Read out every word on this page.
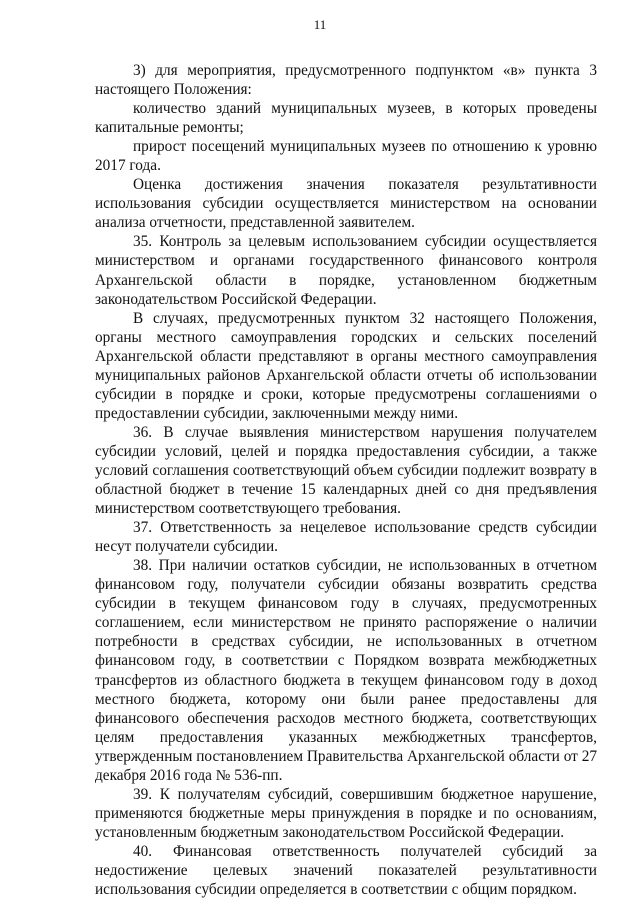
11

3) для мероприятия, предусмотренного подпунктом «в» пункта 3 настоящего Положения:

количество зданий муниципальных музеев, в которых проведены капитальные ремонты;

прирост посещений муниципальных музеев по отношению к уровню 2017 года.

Оценка достижения значения показателя результативности использования субсидии осуществляется министерством на основании анализа отчетности, представленной заявителем.

35. Контроль за целевым использованием субсидии осуществляется министерством и органами государственного финансового контроля Архангельской области в порядке, установленном бюджетным законодательством Российской Федерации.

В случаях, предусмотренных пунктом 32 настоящего Положения, органы местного самоуправления городских и сельских поселений Архангельской области представляют в органы местного самоуправления муниципальных районов Архангельской области отчеты об использовании субсидии в порядке и сроки, которые предусмотрены соглашениями о предоставлении субсидии, заключенными между ними.

36. В случае выявления министерством нарушения получателем субсидии условий, целей и порядка предоставления субсидии, а также условий соглашения соответствующий объем субсидии подлежит возврату в областной бюджет в течение 15 календарных дней со дня предъявления министерством соответствующего требования.

37. Ответственность за нецелевое использование средств субсидии несут получатели субсидии.

38. При наличии остатков субсидии, не использованных в отчетном финансовом году, получатели субсидии обязаны возвратить средства субсидии в текущем финансовом году в случаях, предусмотренных соглашением, если министерством не принято распоряжение о наличии потребности в средствах субсидии, не использованных в отчетном финансовом году, в соответствии с Порядком возврата межбюджетных трансфертов из областного бюджета в текущем финансовом году в доход местного бюджета, которому они были ранее предоставлены для финансового обеспечения расходов местного бюджета, соответствующих целям предоставления указанных межбюджетных трансфертов, утвержденным постановлением Правительства Архангельской области от 27 декабря 2016 года № 536-пп.

39. К получателям субсидий, совершившим бюджетное нарушение, применяются бюджетные меры принуждения в порядке и по основаниям, установленным бюджетным законодательством Российской Федерации.

40. Финансовая ответственность получателей субсидий за недостижение целевых значений показателей результативности использования субсидии определяется в соответствии с общим порядком.
